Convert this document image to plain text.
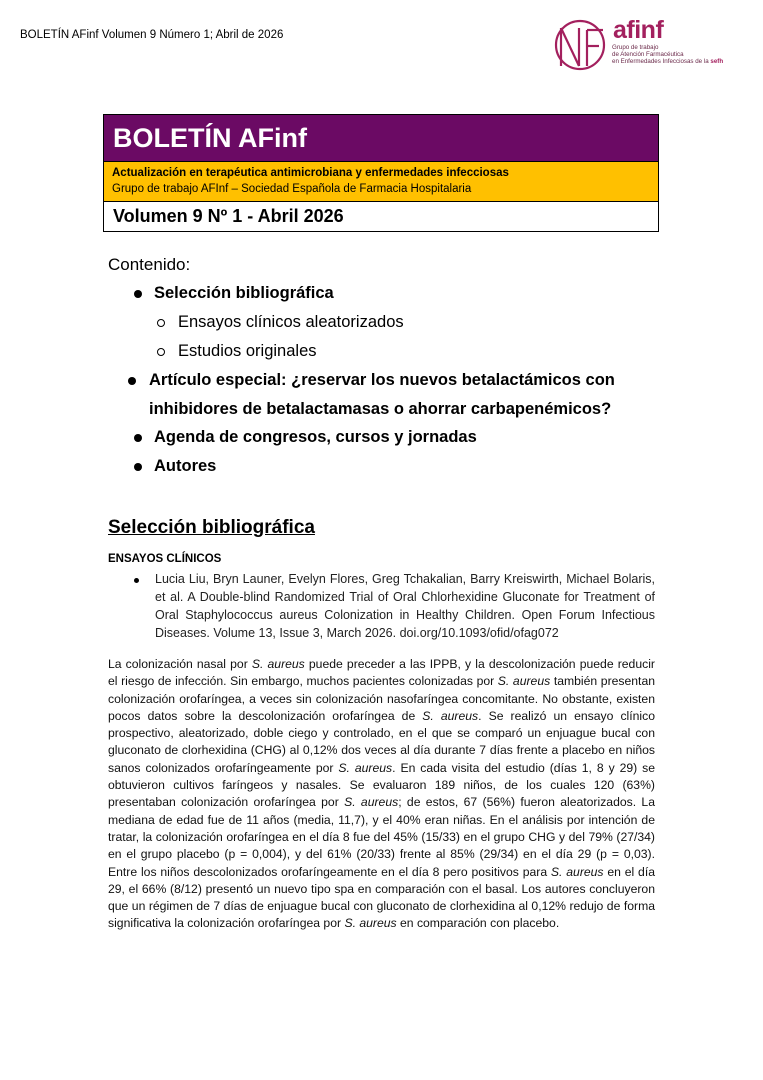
BOLETÍN AFinf Volumen 9 Número 1; Abril de 2026	afinf
Grupo de trabajo
de Atención Farmacéutica
en Enfermedades Infecciosas de la sefh
BOLETÍN AFinf
Actualización en terapéutica antimicrobiana y enfermedades infecciosas
Grupo de trabajo AFInf – Sociedad Española de Farmacia Hospitalaria
Volumen 9 Nº 1 - Abril 2026
Contenido:
Selección bibliográfica
Ensayos clínicos aleatorizados
Estudios originales
Artículo especial: ¿reservar los nuevos betalactámicos con
inhibidores de betalactamasas o ahorrar carbapenémicos?
Agenda de congresos, cursos y jornadas
Autores
Selección bibliográfica
ENSAYOS CLÍNICOS
Lucia Liu, Bryn Launer, Evelyn Flores, Greg Tchakalian, Barry Kreiswirth, Michael Bolaris, et al. A Double-blind Randomized Trial of Oral Chlorhexidine Gluconate for Treatment of Oral Staphylococcus aureus Colonization in Healthy Children. Open Forum Infectious Diseases. Volume 13, Issue 3, March 2026. doi.org/10.1093/ofid/ofag072
La colonización nasal por S. aureus puede preceder a las IPPB, y la descolonización puede reducir el riesgo de infección. Sin embargo, muchos pacientes colonizadas por S. aureus también presentan colonización orofaríngea, a veces sin colonización nasofaríngea concomitante. No obstante, existen pocos datos sobre la descolonización orofaríngea de S. aureus. Se realizó un ensayo clínico prospectivo, aleatorizado, doble ciego y controlado, en el que se comparó un enjuague bucal con gluconato de clorhexidina (CHG) al 0,12% dos veces al día durante 7 días frente a placebo en niños sanos colonizados orofaríngeamente por S. aureus. En cada visita del estudio (días 1, 8 y 29) se obtuvieron cultivos faríngeos y nasales. Se evaluaron 189 niños, de los cuales 120 (63%) presentaban colonización orofaríngea por S. aureus; de estos, 67 (56%) fueron aleatorizados. La mediana de edad fue de 11 años (media, 11,7), y el 40% eran niñas. En el análisis por intención de tratar, la colonización orofaríngea en el día 8 fue del 45% (15/33) en el grupo CHG y del 79% (27/34) en el grupo placebo (p = 0,004), y del 61% (20/33) frente al 85% (29/34) en el día 29 (p = 0,03). Entre los niños descolonizados orofaríngeamente en el día 8 pero positivos para S. aureus en el día 29, el 66% (8/12) presentó un nuevo tipo spa en comparación con el basal. Los autores concluyeron que un régimen de 7 días de enjuague bucal con gluconato de clorhexidina al 0,12% redujo de forma significativa la colonización orofaríngea por S. aureus en comparación con placebo.
